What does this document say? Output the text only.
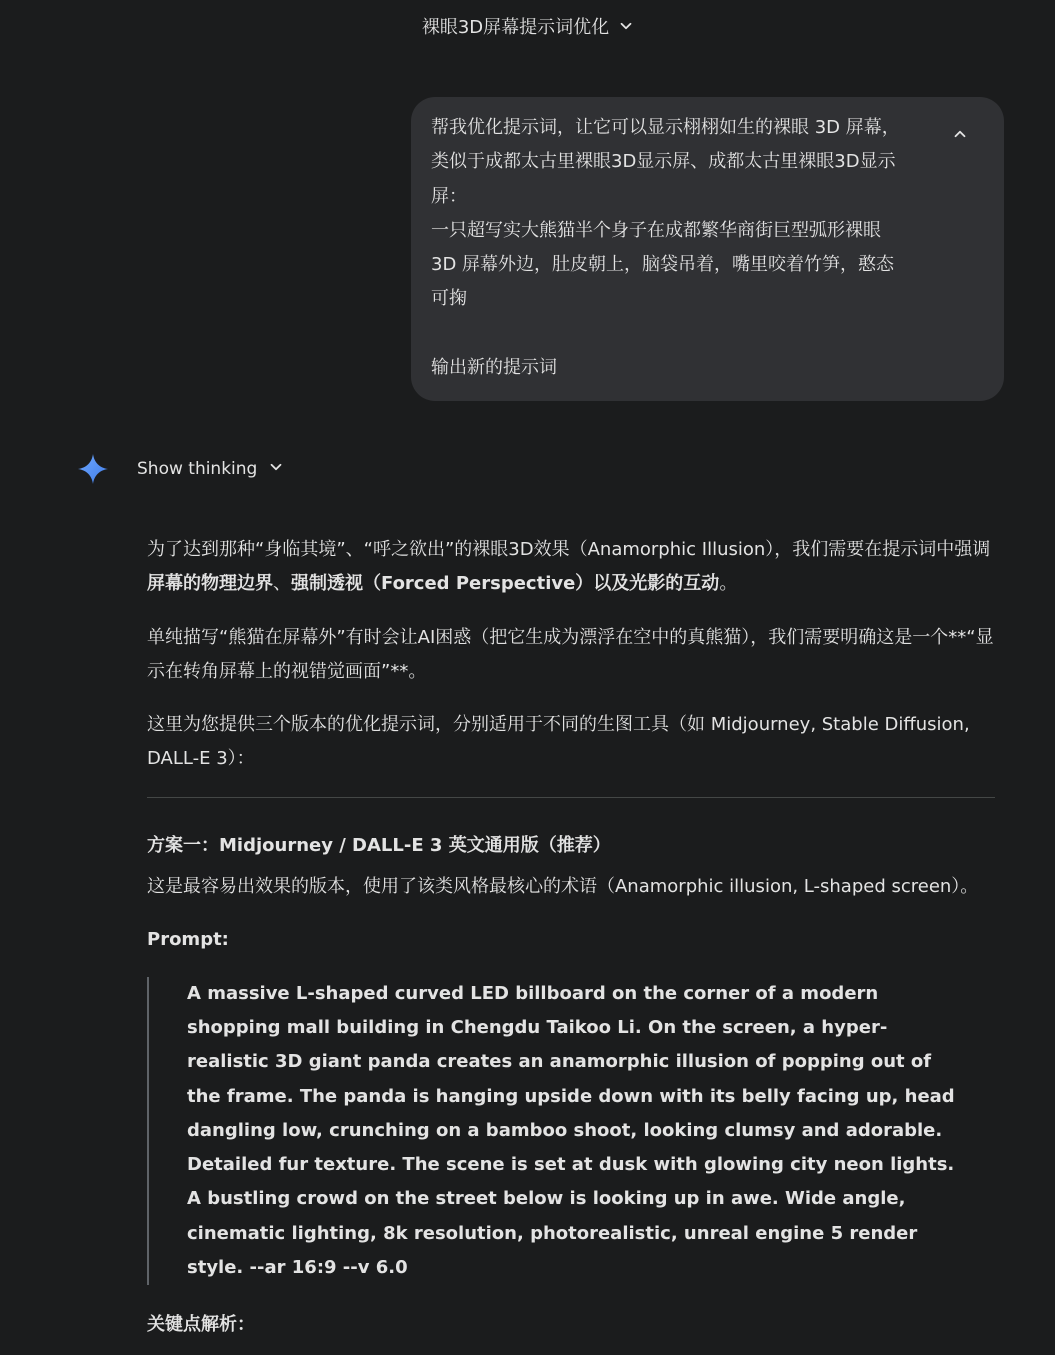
裸眼3D屏幕提示词优化

帮我优化提示词，让它可以显示栩栩如生的裸眼 3D 屏幕，
类似于成都太古里裸眼3D显示屏、成都太古里裸眼3D显示
屏：
一只超写实大熊猫半个身子在成都繁华商街巨型弧形裸眼
3D 屏幕外边，肚皮朝上，脑袋吊着，嘴里咬着竹笋，憨态
可掬

输出新的提示词

Show thinking

为了达到那种“身临其境”、“呼之欲出”的裸眼3D效果（Anamorphic Illusion），我们需要在提示词中强调屏幕的物理边界、强制透视（Forced Perspective）以及光影的互动。

单纯描写“熊猫在屏幕外”有时会让AI困惑（把它生成为漂浮在空中的真熊猫），我们需要明确这是一个**“显示在转角屏幕上的视错觉画面”**。

这里为您提供三个版本的优化提示词，分别适用于不同的生图工具（如 Midjourney, Stable Diffusion, DALL-E 3）：

方案一：Midjourney / DALL-E 3 英文通用版（推荐）

这是最容易出效果的版本，使用了该类风格最核心的术语（Anamorphic illusion, L-shaped screen）。

Prompt:

A massive L-shaped curved LED billboard on the corner of a modern shopping mall building in Chengdu Taikoo Li. On the screen, a hyper-realistic 3D giant panda creates an anamorphic illusion of popping out of the frame. The panda is hanging upside down with its belly facing up, head dangling low, crunching on a bamboo shoot, looking clumsy and adorable. Detailed fur texture. The scene is set at dusk with glowing city neon lights. A bustling crowd on the street below is looking up in awe. Wide angle, cinematic lighting, 8k resolution, photorealistic, unreal engine 5 render style. --ar 16:9 --v 6.0

关键点解析：
